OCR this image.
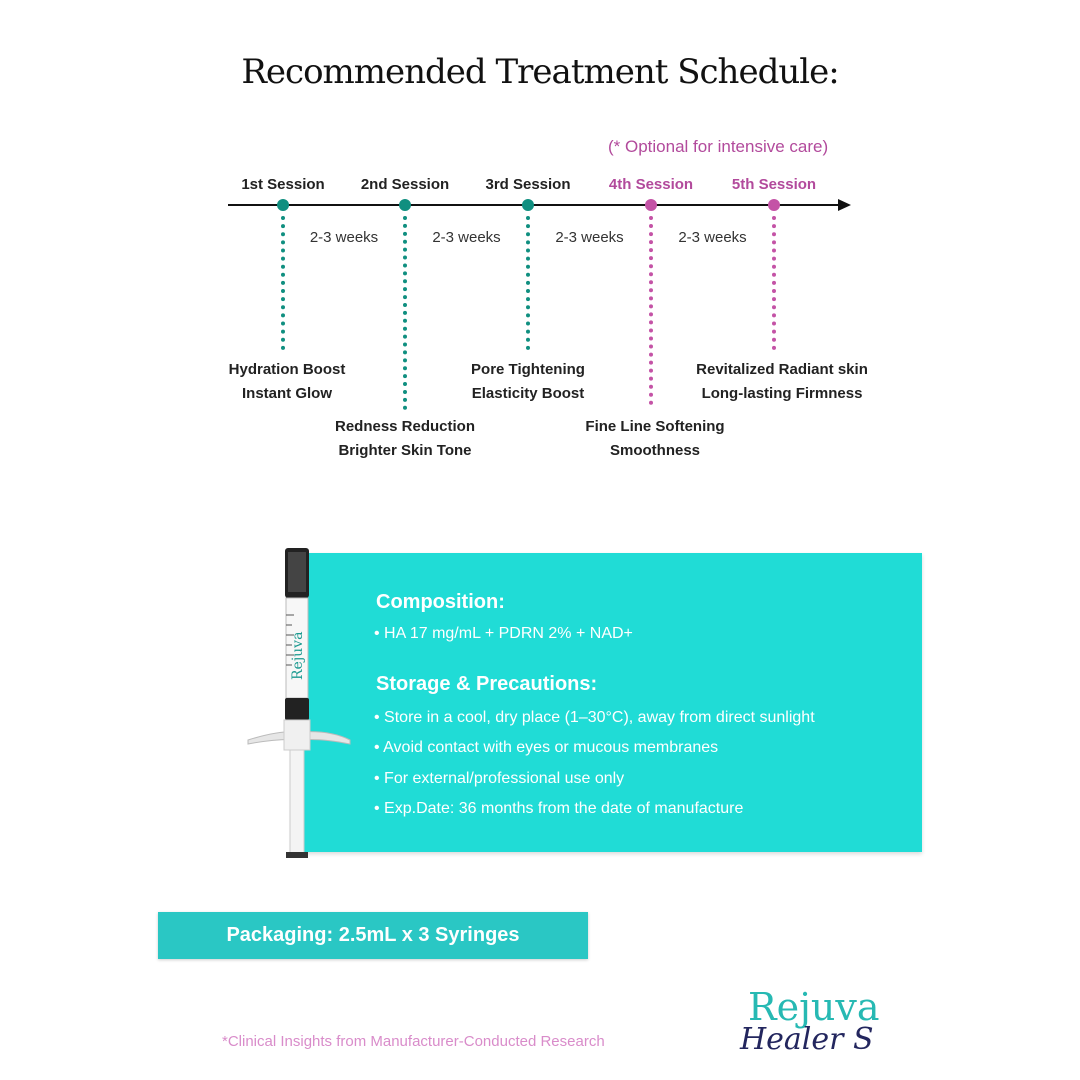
Recommended Treatment Schedule:
(* Optional for intensive care)
1st Session
Hydration Boost
Instant Glow
2nd Session
Redness Reduction
Brighter Skin Tone
3rd Session
Pore Tightening
Elasticity Boost
4th Session
Fine Line Softening
Smoothness
5th Session
Revitalized Radiant skin
Long-lasting Firmness
2-3 weeks	2-3 weeks	2-3 weeks	2-3 weeks
Composition:
• HA 17 mg/mL + PDRN 2% + NAD+
Storage & Precautions:
• Store in a cool, dry place (1–30°C), away from direct sunlight
• Avoid contact with eyes or mucous membranes
• For external/professional use only
• Exp.Date: 36 months from the date of manufacture
Rejuva
Packaging: 2.5mL x 3 Syringes
*Clinical Insights from Manufacturer-Conducted Research
Rejuva
Healer S
